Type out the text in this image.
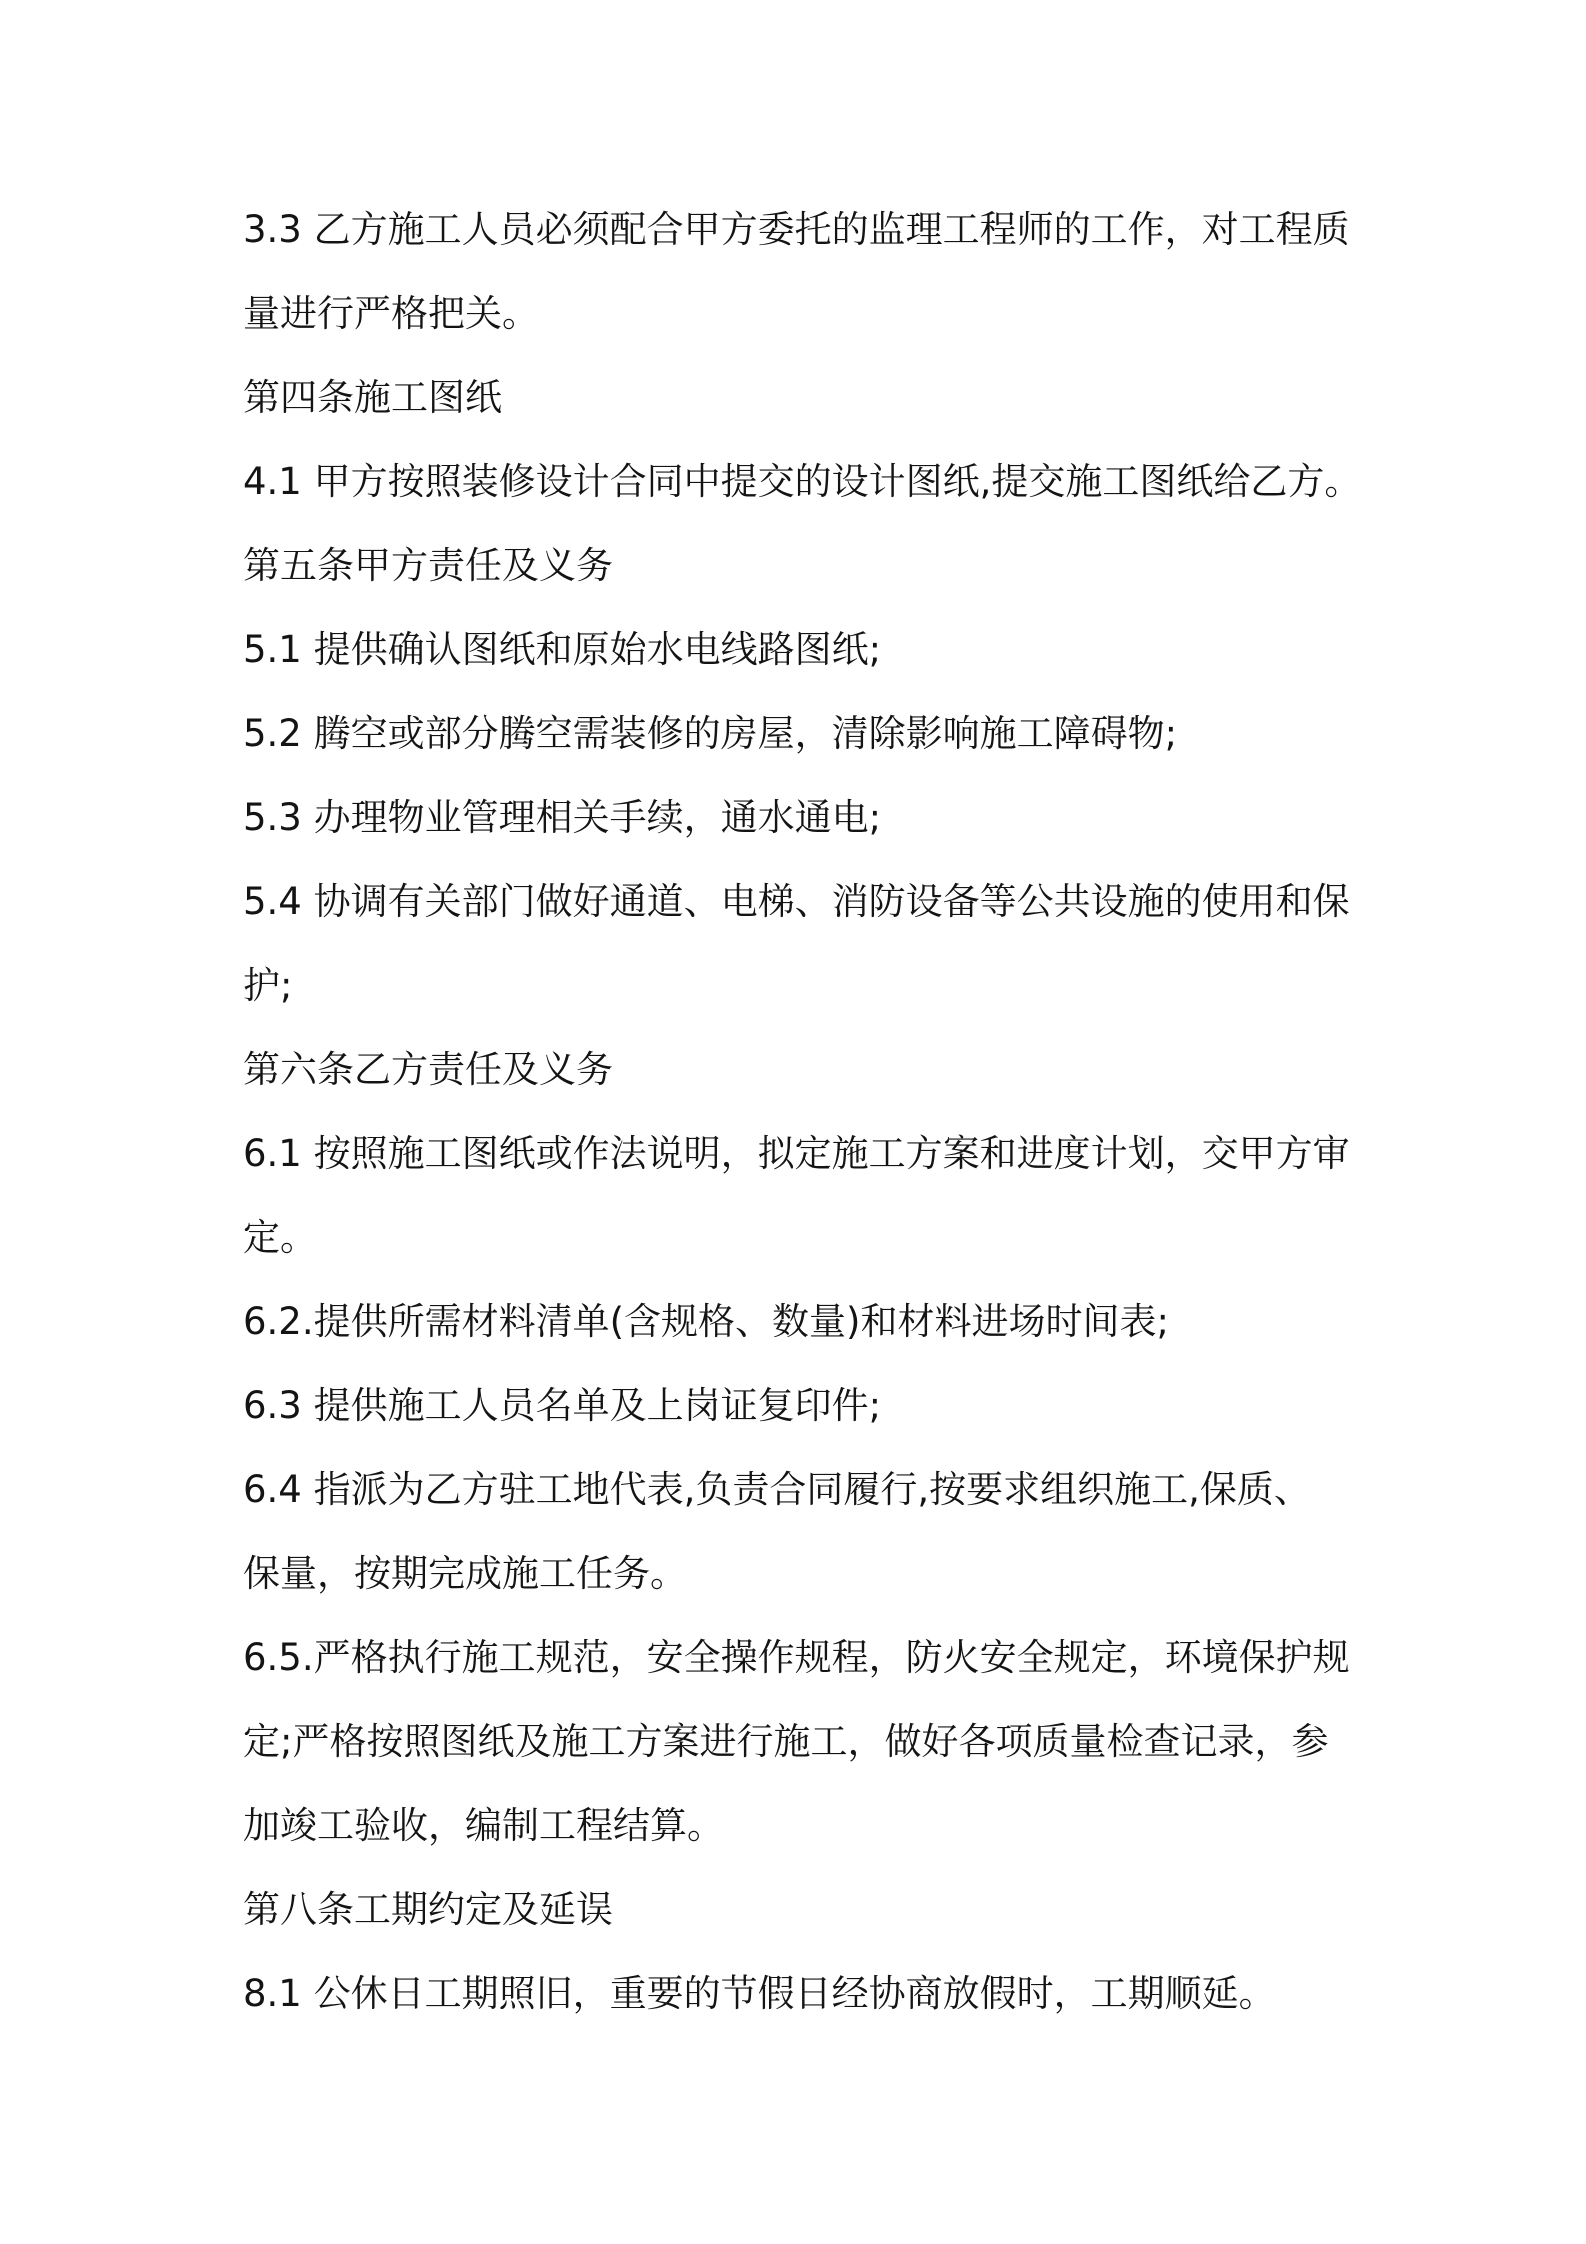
3.3 乙方施工人员必须配合甲方委托的监理工程师的工作，对工程质

量进行严格把关。

第四条施工图纸

4.1 甲方按照装修设计合同中提交的设计图纸,提交施工图纸给乙方。

第五条甲方责任及义务

5.1 提供确认图纸和原始水电线路图纸;

5.2 腾空或部分腾空需装修的房屋，清除影响施工障碍物;

5.3 办理物业管理相关手续，通水通电;

5.4 协调有关部门做好通道、电梯、消防设备等公共设施的使用和保

护;

第六条乙方责任及义务

6.1 按照施工图纸或作法说明，拟定施工方案和进度计划，交甲方审

定。

6.2.提供所需材料清单(含规格、数量)和材料进场时间表;

6.3 提供施工人员名单及上岗证复印件;

6.4 指派为乙方驻工地代表,负责合同履行,按要求组织施工,保质、

保量，按期完成施工任务。

6.5.严格执行施工规范，安全操作规程，防火安全规定，环境保护规

定;严格按照图纸及施工方案进行施工，做好各项质量检查记录，参

加竣工验收，编制工程结算。

第八条工期约定及延误

8.1 公休日工期照旧，重要的节假日经协商放假时，工期顺延。
